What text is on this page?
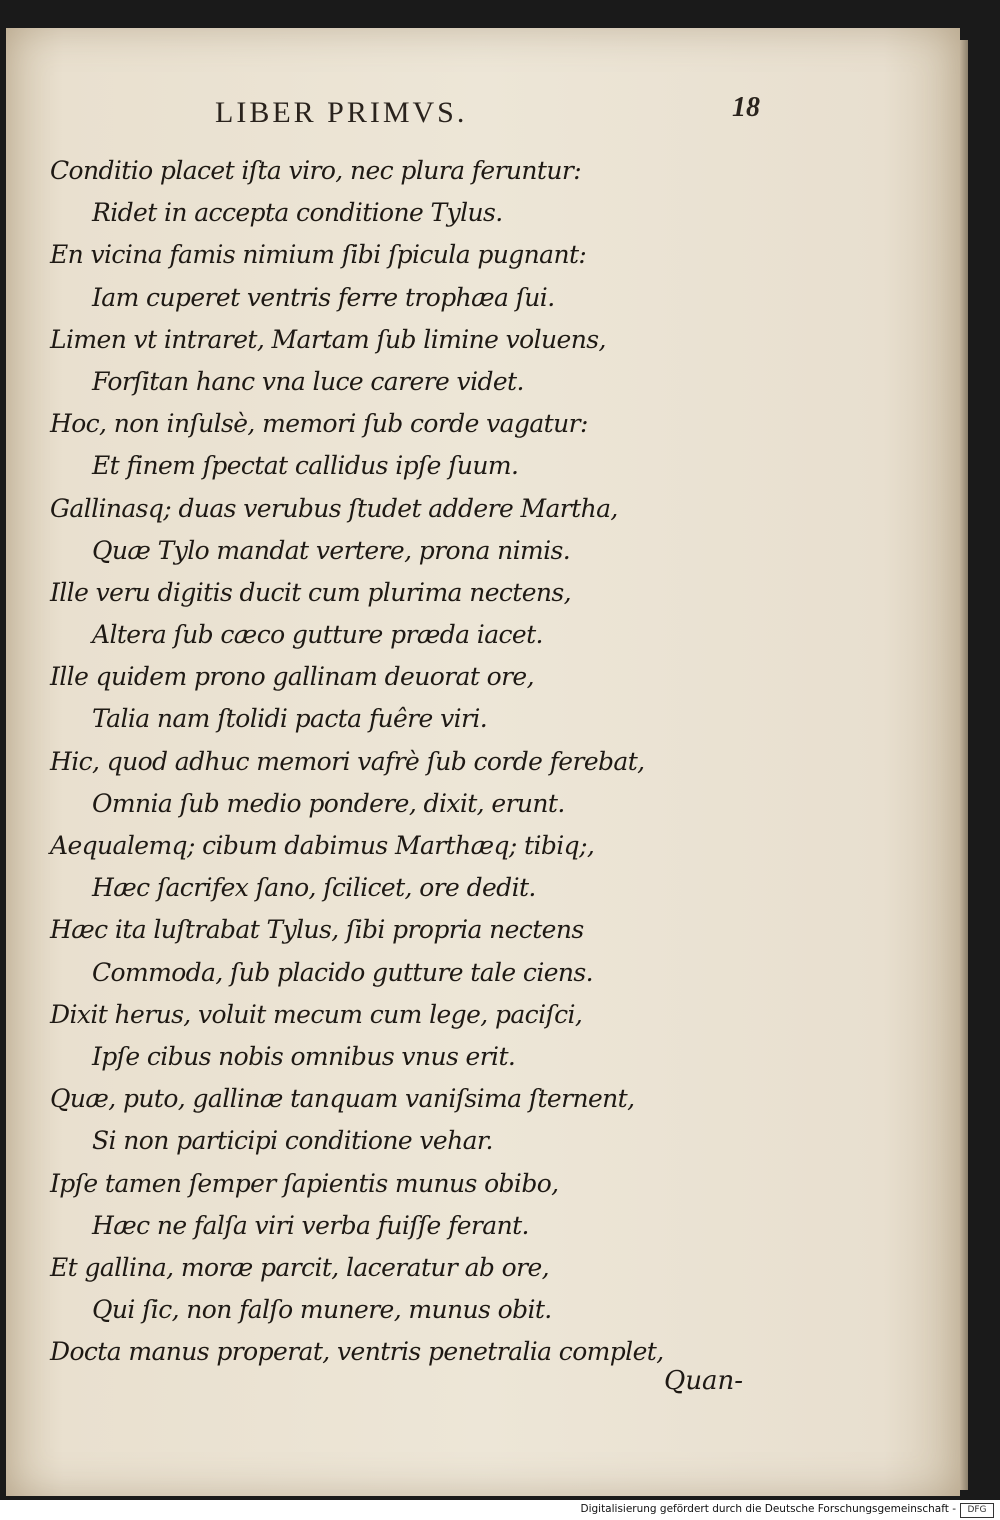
LIBER PRIMVS.	18
Conditio placet iſta viro, nec plura feruntur:
Ridet in accepta conditione Tylus.
En vicina famis nimium ſibi ſpicula pugnant:
Iam cuperet ventris ferre trophæa ſui.
Limen vt intraret, Martam ſub limine voluens,
Forſitan hanc vna luce carere videt.
Hoc, non inſulsè, memori ſub corde vagatur:
Et finem ſpectat callidus ipſe ſuum.
Gallinasq; duas verubus ſtudet addere Martha,
Quæ Tylo mandat vertere, prona nimis.
Ille veru digitis ducit cum plurima nectens,
Altera ſub cæco gutture præda iacet.
Ille quidem prono gallinam deuorat ore,
Talia nam ſtolidi pacta fuêre viri.
Hic, quod adhuc memori vafrè ſub corde ferebat,
Omnia ſub medio pondere, dixit, erunt.
Aequalemq; cibum dabimus Marthæq; tibiq;,
Hæc ſacrifex ſano, ſcilicet, ore dedit.
Hæc ita luſtrabat Tylus, ſibi propria nectens
Commoda, ſub placido gutture tale ciens.
Dixit herus, voluit mecum cum lege, paciſci,
Ipſe cibus nobis omnibus vnus erit.
Quæ, puto, gallinæ tanquam vaniſsima ſternent,
Si non participi conditione vehar.
Ipſe tamen ſemper ſapientis munus obibo,
Hæc ne falſa viri verba fuiſſe ferant.
Et gallina, moræ parcit, laceratur ab ore,
Qui ſic, non falſo munere, munus obit.
Docta manus properat, ventris penetralia complet,
Quan-
Digitalisierung gefördert durch die Deutsche Forschungsgemeinschaft -	DFG
